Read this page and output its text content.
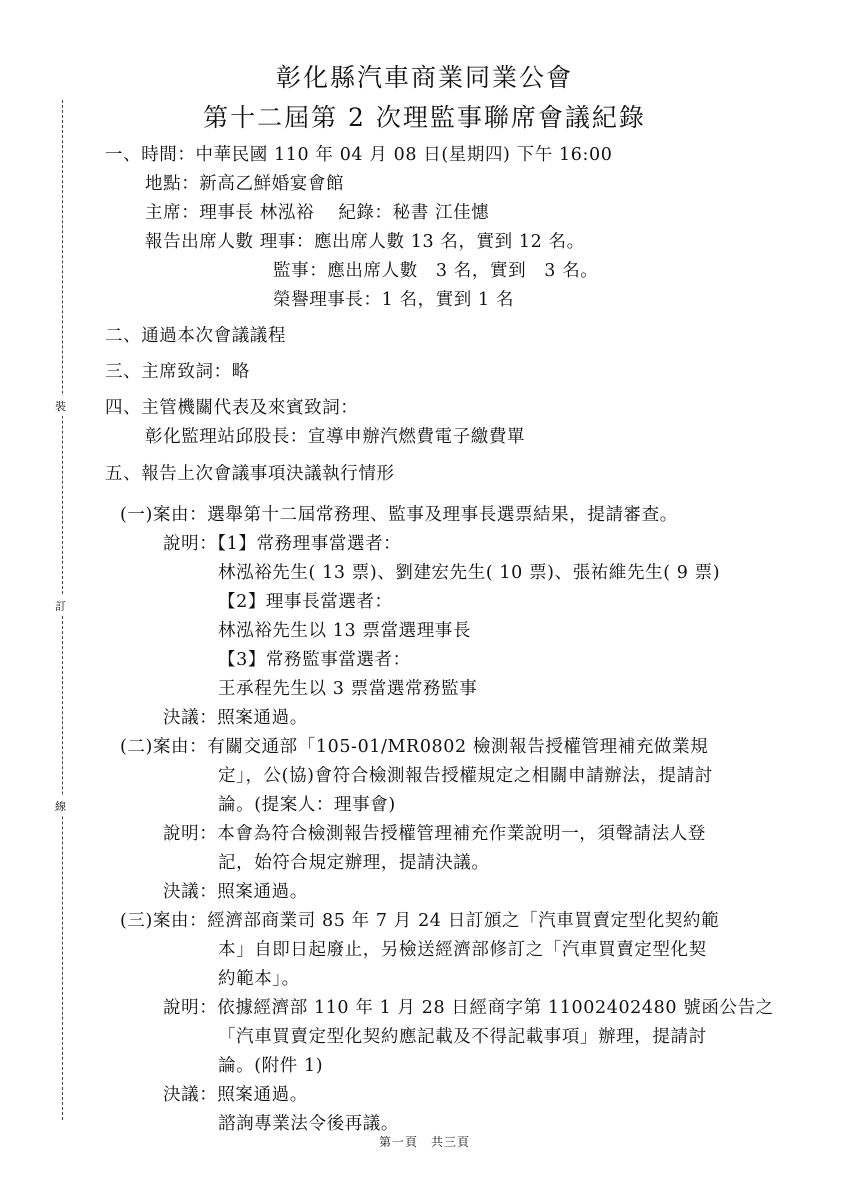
裝
訂
線
彰化縣汽車商業同業公會
第十二屆第 2 次理監事聯席會議紀錄
一、時間：中華民國 110 年 04 月 08 日(星期四) 下午 16:00
地點：新高乙鮮婚宴會館
主席：理事長 林泓裕　 紀錄：秘書 江佳憓
報告出席人數 理事：應出席人數 13 名，實到 12 名。
監事：應出席人數　3 名，實到　3 名。
榮譽理事長：1 名，實到 1 名
二、通過本次會議議程
三、主席致詞：略
四、主管機關代表及來賓致詞：
彰化監理站邱股長：宣導申辦汽燃費電子繳費單
五、報告上次會議事項決議執行情形
(一)案由：選舉第十二屆常務理、監事及理事長選票結果，提請審查。
說明：【1】常務理事當選者：
林泓裕先生( 13 票)、劉建宏先生( 10 票)、張祐維先生( 9 票)
【2】理事長當選者：
林泓裕先生以 13 票當選理事長
【3】常務監事當選者：
王承程先生以 3 票當選常務監事
決議：照案通過。
(二)案由：有關交通部「105-01/MR0802 檢測報告授權管理補充做業規
定」，公(協)會符合檢測報告授權規定之相關申請辦法，提請討
論。(提案人：理事會)
說明：本會為符合檢測報告授權管理補充作業說明一，須聲請法人登
記，始符合規定辦理，提請決議。
決議：照案通過。
(三)案由：經濟部商業司 85 年 7 月 24 日訂頒之「汽車買賣定型化契約範
本」自即日起廢止，另檢送經濟部修訂之「汽車買賣定型化契
約範本」。
說明：依據經濟部 110 年 1 月 28 日經商字第 11002402480 號函公告之
「汽車買賣定型化契約應記載及不得記載事項」辦理，提請討
論。(附件 1)
決議：照案通過。
諮詢專業法令後再議。
第一頁　共三頁
